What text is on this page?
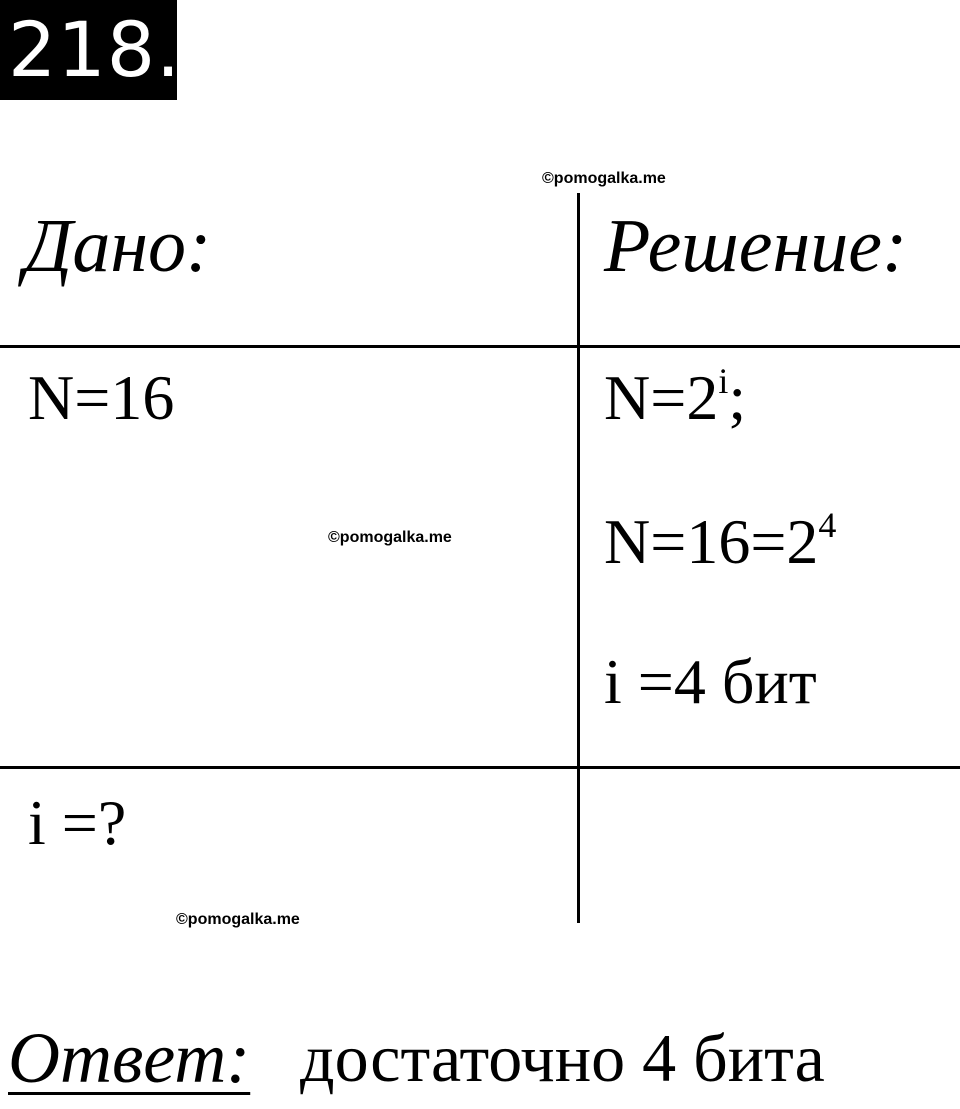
218.
©pomogalka.me
Дано:	Решение:
N=16	$N=2^i$;
$N=16=2^4$
i =4 бит
©pomogalka.me
i =?
©pomogalka.me
Ответ: достаточно 4 бита
